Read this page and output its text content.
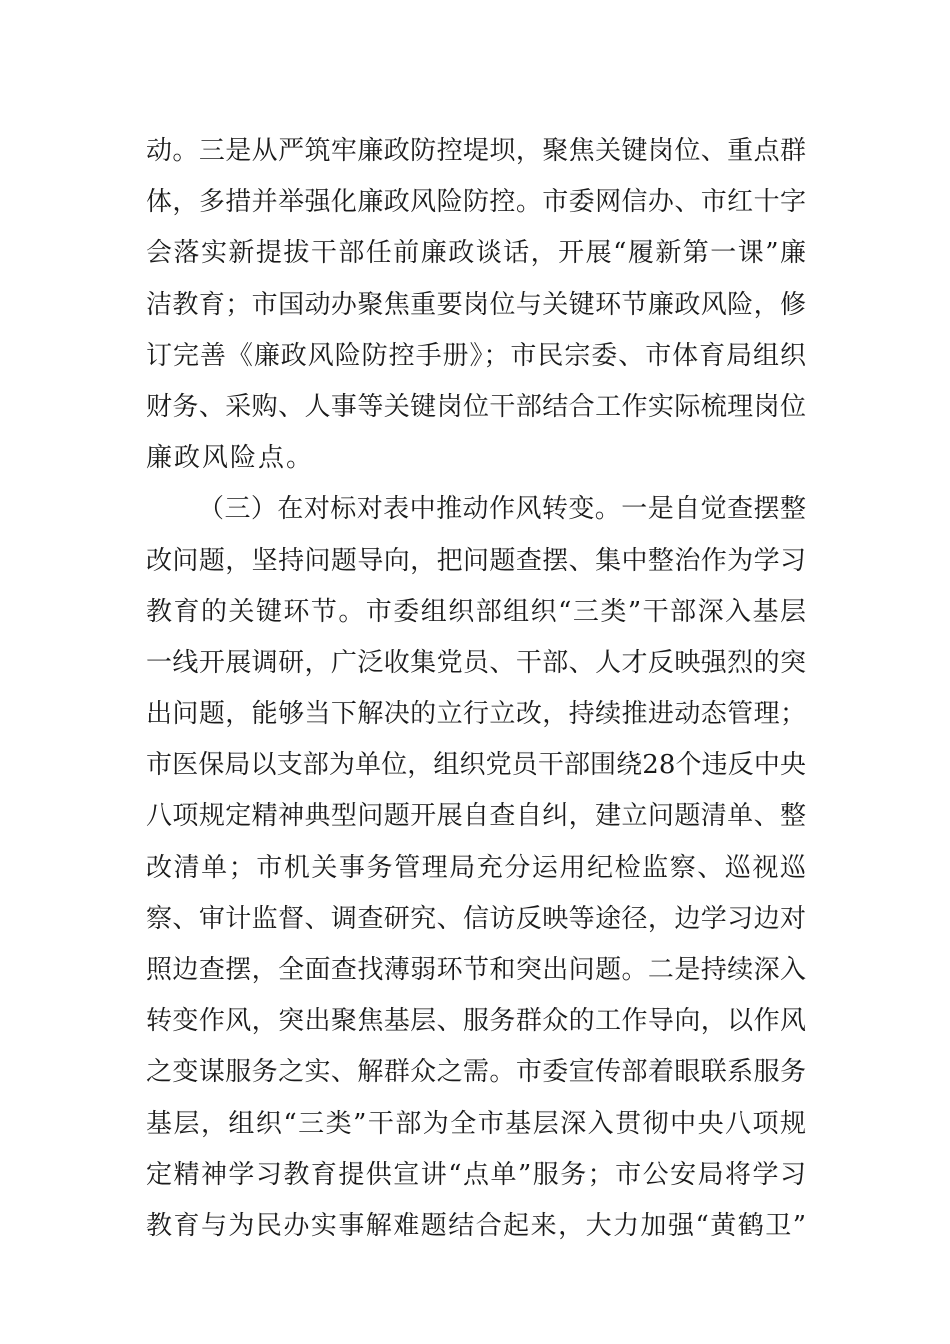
动。三是从严筑牢廉政防控堤坝，聚焦关键岗位、重点群
体，多措并举强化廉政风险防控。市委网信办、市红十字
会落实新提拔干部任前廉政谈话，开展“履新第一课”廉
洁教育；市国动办聚焦重要岗位与关键环节廉政风险，修
订完善《廉政风险防控手册》；市民宗委、市体育局组织
财务、采购、人事等关键岗位干部结合工作实际梳理岗位
廉政风险点。
（三）在对标对表中推动作风转变。一是自觉查摆整
改问题，坚持问题导向，把问题查摆、集中整治作为学习
教育的关键环节。市委组织部组织“三类”干部深入基层
一线开展调研，广泛收集党员、干部、人才反映强烈的突
出问题，能够当下解决的立行立改，持续推进动态管理；
市医保局以支部为单位，组织党员干部围绕28个违反中央
八项规定精神典型问题开展自查自纠，建立问题清单、整
改清单；市机关事务管理局充分运用纪检监察、巡视巡
察、审计监督、调查研究、信访反映等途径，边学习边对
照边查摆，全面查找薄弱环节和突出问题。二是持续深入
转变作风，突出聚焦基层、服务群众的工作导向，以作风
之变谋服务之实、解群众之需。市委宣传部着眼联系服务
基层，组织“三类”干部为全市基层深入贯彻中央八项规
定精神学习教育提供宣讲“点单”服务；市公安局将学习
教育与为民办实事解难题结合起来，大力加强“黄鹤卫”
